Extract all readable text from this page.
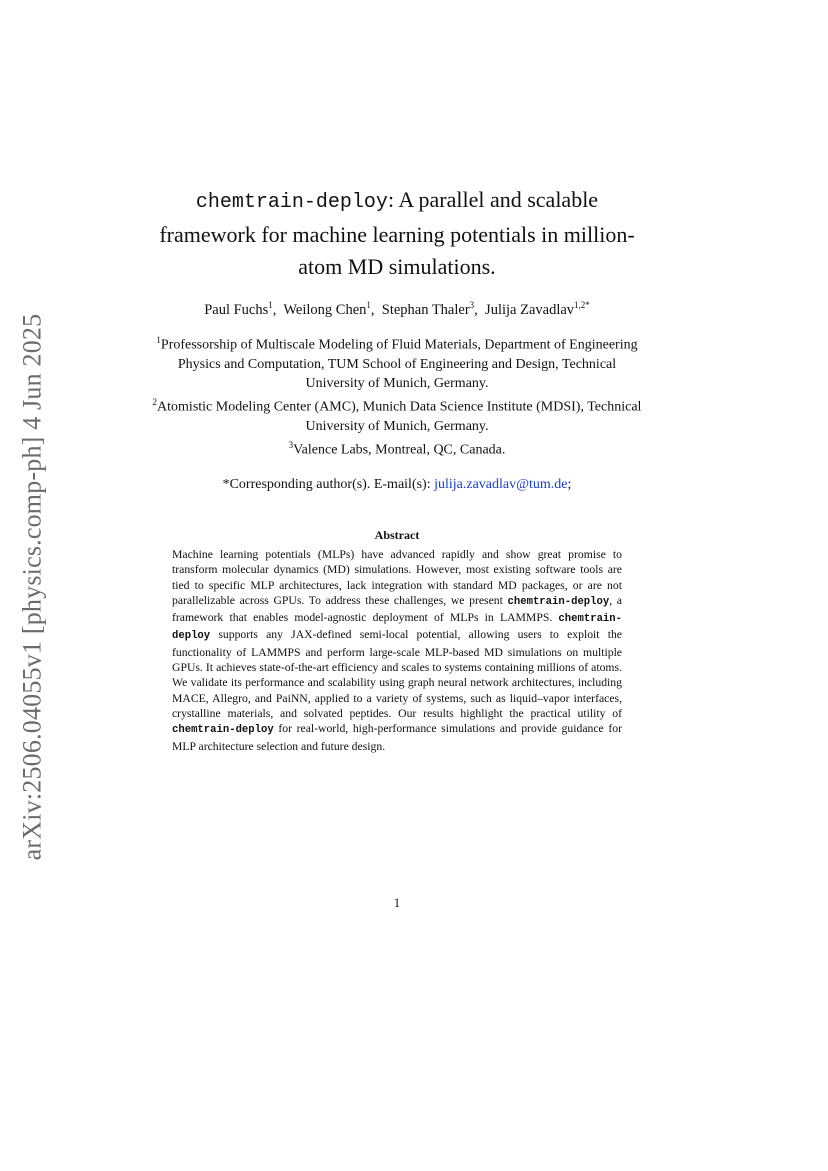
arXiv:2506.04055v1 [physics.comp-ph] 4 Jun 2025
chemtrain-deploy: A parallel and scalable framework for machine learning potentials in million-atom MD simulations.
Paul Fuchs$^1$,  Weilong Chen$^1$,  Stephan Thaler$^3$,  Julija Zavadlav$^{1,2*}$

$^1$Professorship of Multiscale Modeling of Fluid Materials, Department of Engineering Physics and Computation, TUM School of Engineering and Design, Technical University of Munich, Germany.

$^2$Atomistic Modeling Center (AMC), Munich Data Science Institute (MDSI), Technical University of Munich, Germany.

$^3$Valence Labs, Montreal, QC, Canada.

*Corresponding author(s). E-mail(s): julija.zavadlav@tum.de;
Abstract

Machine learning potentials (MLPs) have advanced rapidly and show great promise to transform molecular dynamics (MD) simulations. However, most existing software tools are tied to specific MLP architectures, lack integration with standard MD packages, or are not parallelizable across GPUs. To address these challenges, we present chemtrain-deploy, a framework that enables model-agnostic deployment of MLPs in LAMMPS. chemtrain-deploy supports any JAX-defined semi-local potential, allowing users to exploit the functionality of LAMMPS and perform large-scale MLP-based MD simulations on multiple GPUs. It achieves state-of-the-art efficiency and scales to systems containing millions of atoms. We validate its performance and scalability using graph neural network architectures, including MACE, Allegro, and PaiNN, applied to a variety of systems, such as liquid–vapor interfaces, crystalline materials, and solvated peptides. Our results highlight the practical utility of chemtrain-deploy for real-world, high-performance simulations and provide guidance for MLP architecture selection and future design.

1
